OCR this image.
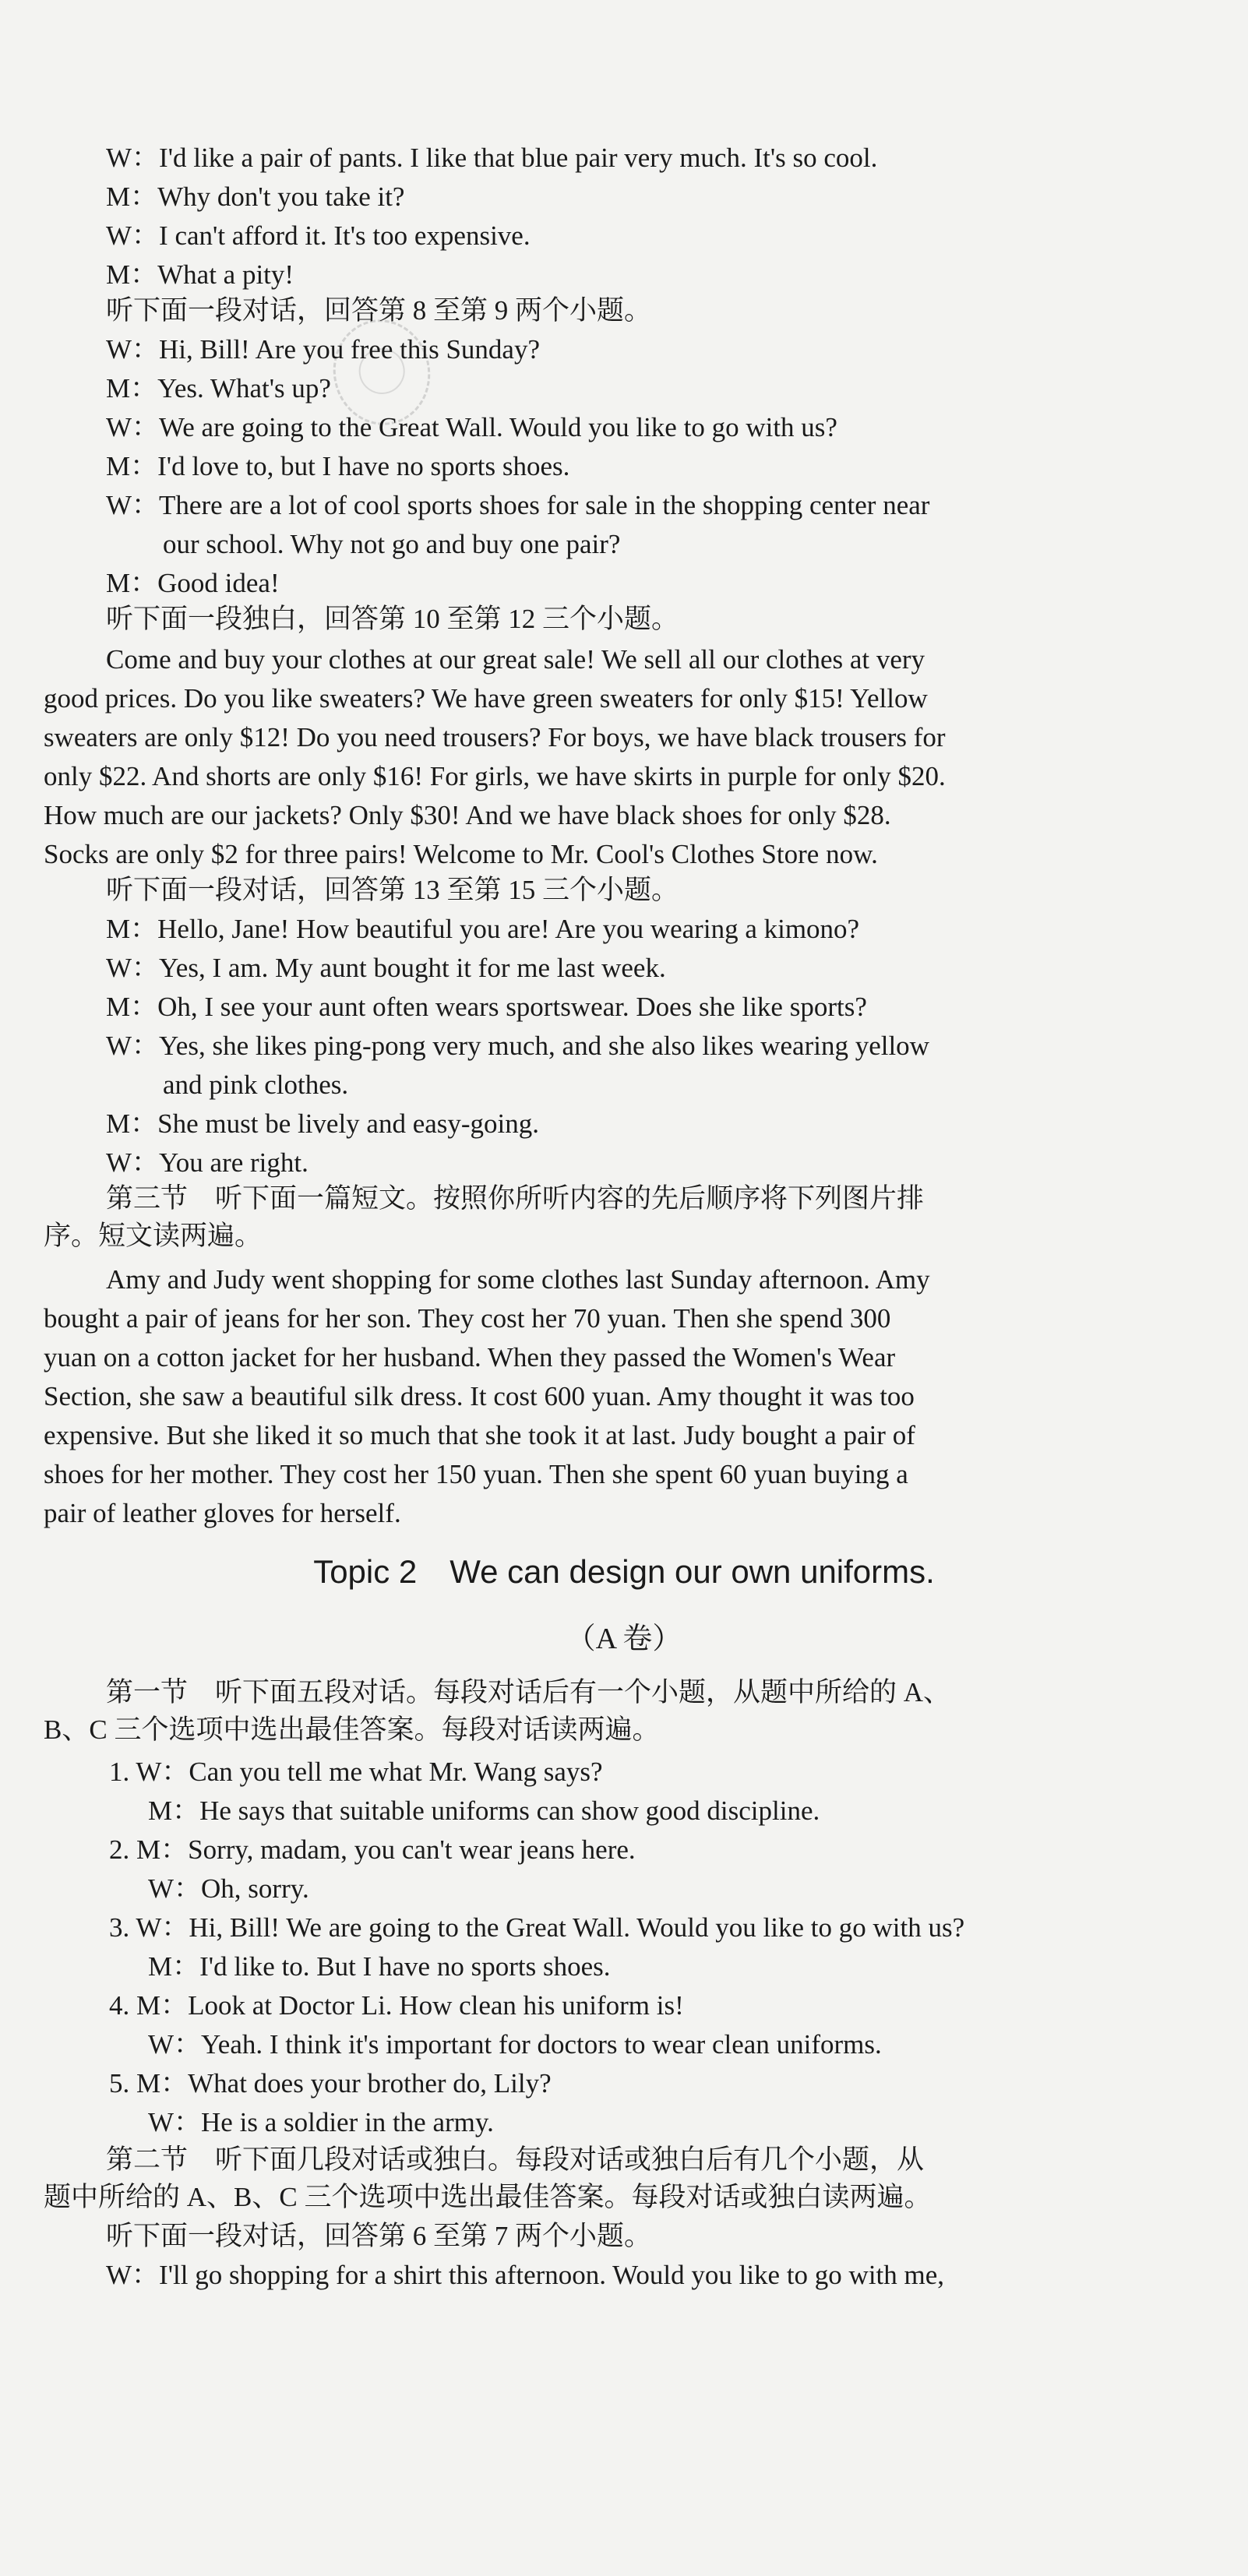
W：I'd like a pair of pants. I like that blue pair very much. It's so cool.
M：Why don't you take it?
W：I can't afford it. It's too expensive.
M：What a pity!
听下面一段对话，回答第 8 至第 9 两个小题。
W：Hi, Bill! Are you free this Sunday?
M：Yes. What's up?
W：We are going to the Great Wall. Would you like to go with us?
M：I'd love to, but I have no sports shoes.
W：There are a lot of cool sports shoes for sale in the shopping center near
our school. Why not go and buy one pair?
M：Good idea!
听下面一段独白，回答第 10 至第 12 三个小题。
Come and buy your clothes at our great sale! We sell all our clothes at very
good prices. Do you like sweaters? We have green sweaters for only $15! Yellow
sweaters are only $12! Do you need trousers? For boys, we have black trousers for
only $22. And shorts are only $16! For girls, we have skirts in purple for only $20.
How much are our jackets? Only $30! And we have black shoes for only $28.
Socks are only $2 for three pairs! Welcome to Mr. Cool's Clothes Store now.
听下面一段对话，回答第 13 至第 15 三个小题。
M：Hello, Jane! How beautiful you are! Are you wearing a kimono?
W：Yes, I am. My aunt bought it for me last week.
M：Oh, I see your aunt often wears sportswear. Does she like sports?
W：Yes, she likes ping-pong very much, and she also likes wearing yellow
and pink clothes.
M：She must be lively and easy-going.
W：You are right.
第三节　听下面一篇短文。按照你所听内容的先后顺序将下列图片排
序。短文读两遍。
Amy and Judy went shopping for some clothes last Sunday afternoon. Amy
bought a pair of jeans for her son. They cost her 70 yuan. Then she spend 300
yuan on a cotton jacket for her husband. When they passed the Women's Wear
Section, she saw a beautiful silk dress. It cost 600 yuan. Amy thought it was too
expensive. But she liked it so much that she took it at last. Judy bought a pair of
shoes for her mother. They cost her 150 yuan. Then she spent 60 yuan buying a
pair of leather gloves for herself.
Topic 2　We can design our own uniforms.
（A 卷）
第一节　听下面五段对话。每段对话后有一个小题，从题中所给的 A、
B、C 三个选项中选出最佳答案。每段对话读两遍。
1. W：Can you tell me what Mr. Wang says?
M：He says that suitable uniforms can show good discipline.
2. M：Sorry, madam, you can't wear jeans here.
W：Oh, sorry.
3. W：Hi, Bill! We are going to the Great Wall. Would you like to go with us?
M：I'd like to. But I have no sports shoes.
4. M：Look at Doctor Li. How clean his uniform is!
W：Yeah. I think it's important for doctors to wear clean uniforms.
5. M：What does your brother do, Lily?
W：He is a soldier in the army.
第二节　听下面几段对话或独白。每段对话或独白后有几个小题，从
题中所给的 A、B、C 三个选项中选出最佳答案。每段对话或独白读两遍。
听下面一段对话，回答第 6 至第 7 两个小题。
W：I'll go shopping for a shirt this afternoon. Would you like to go with me,
